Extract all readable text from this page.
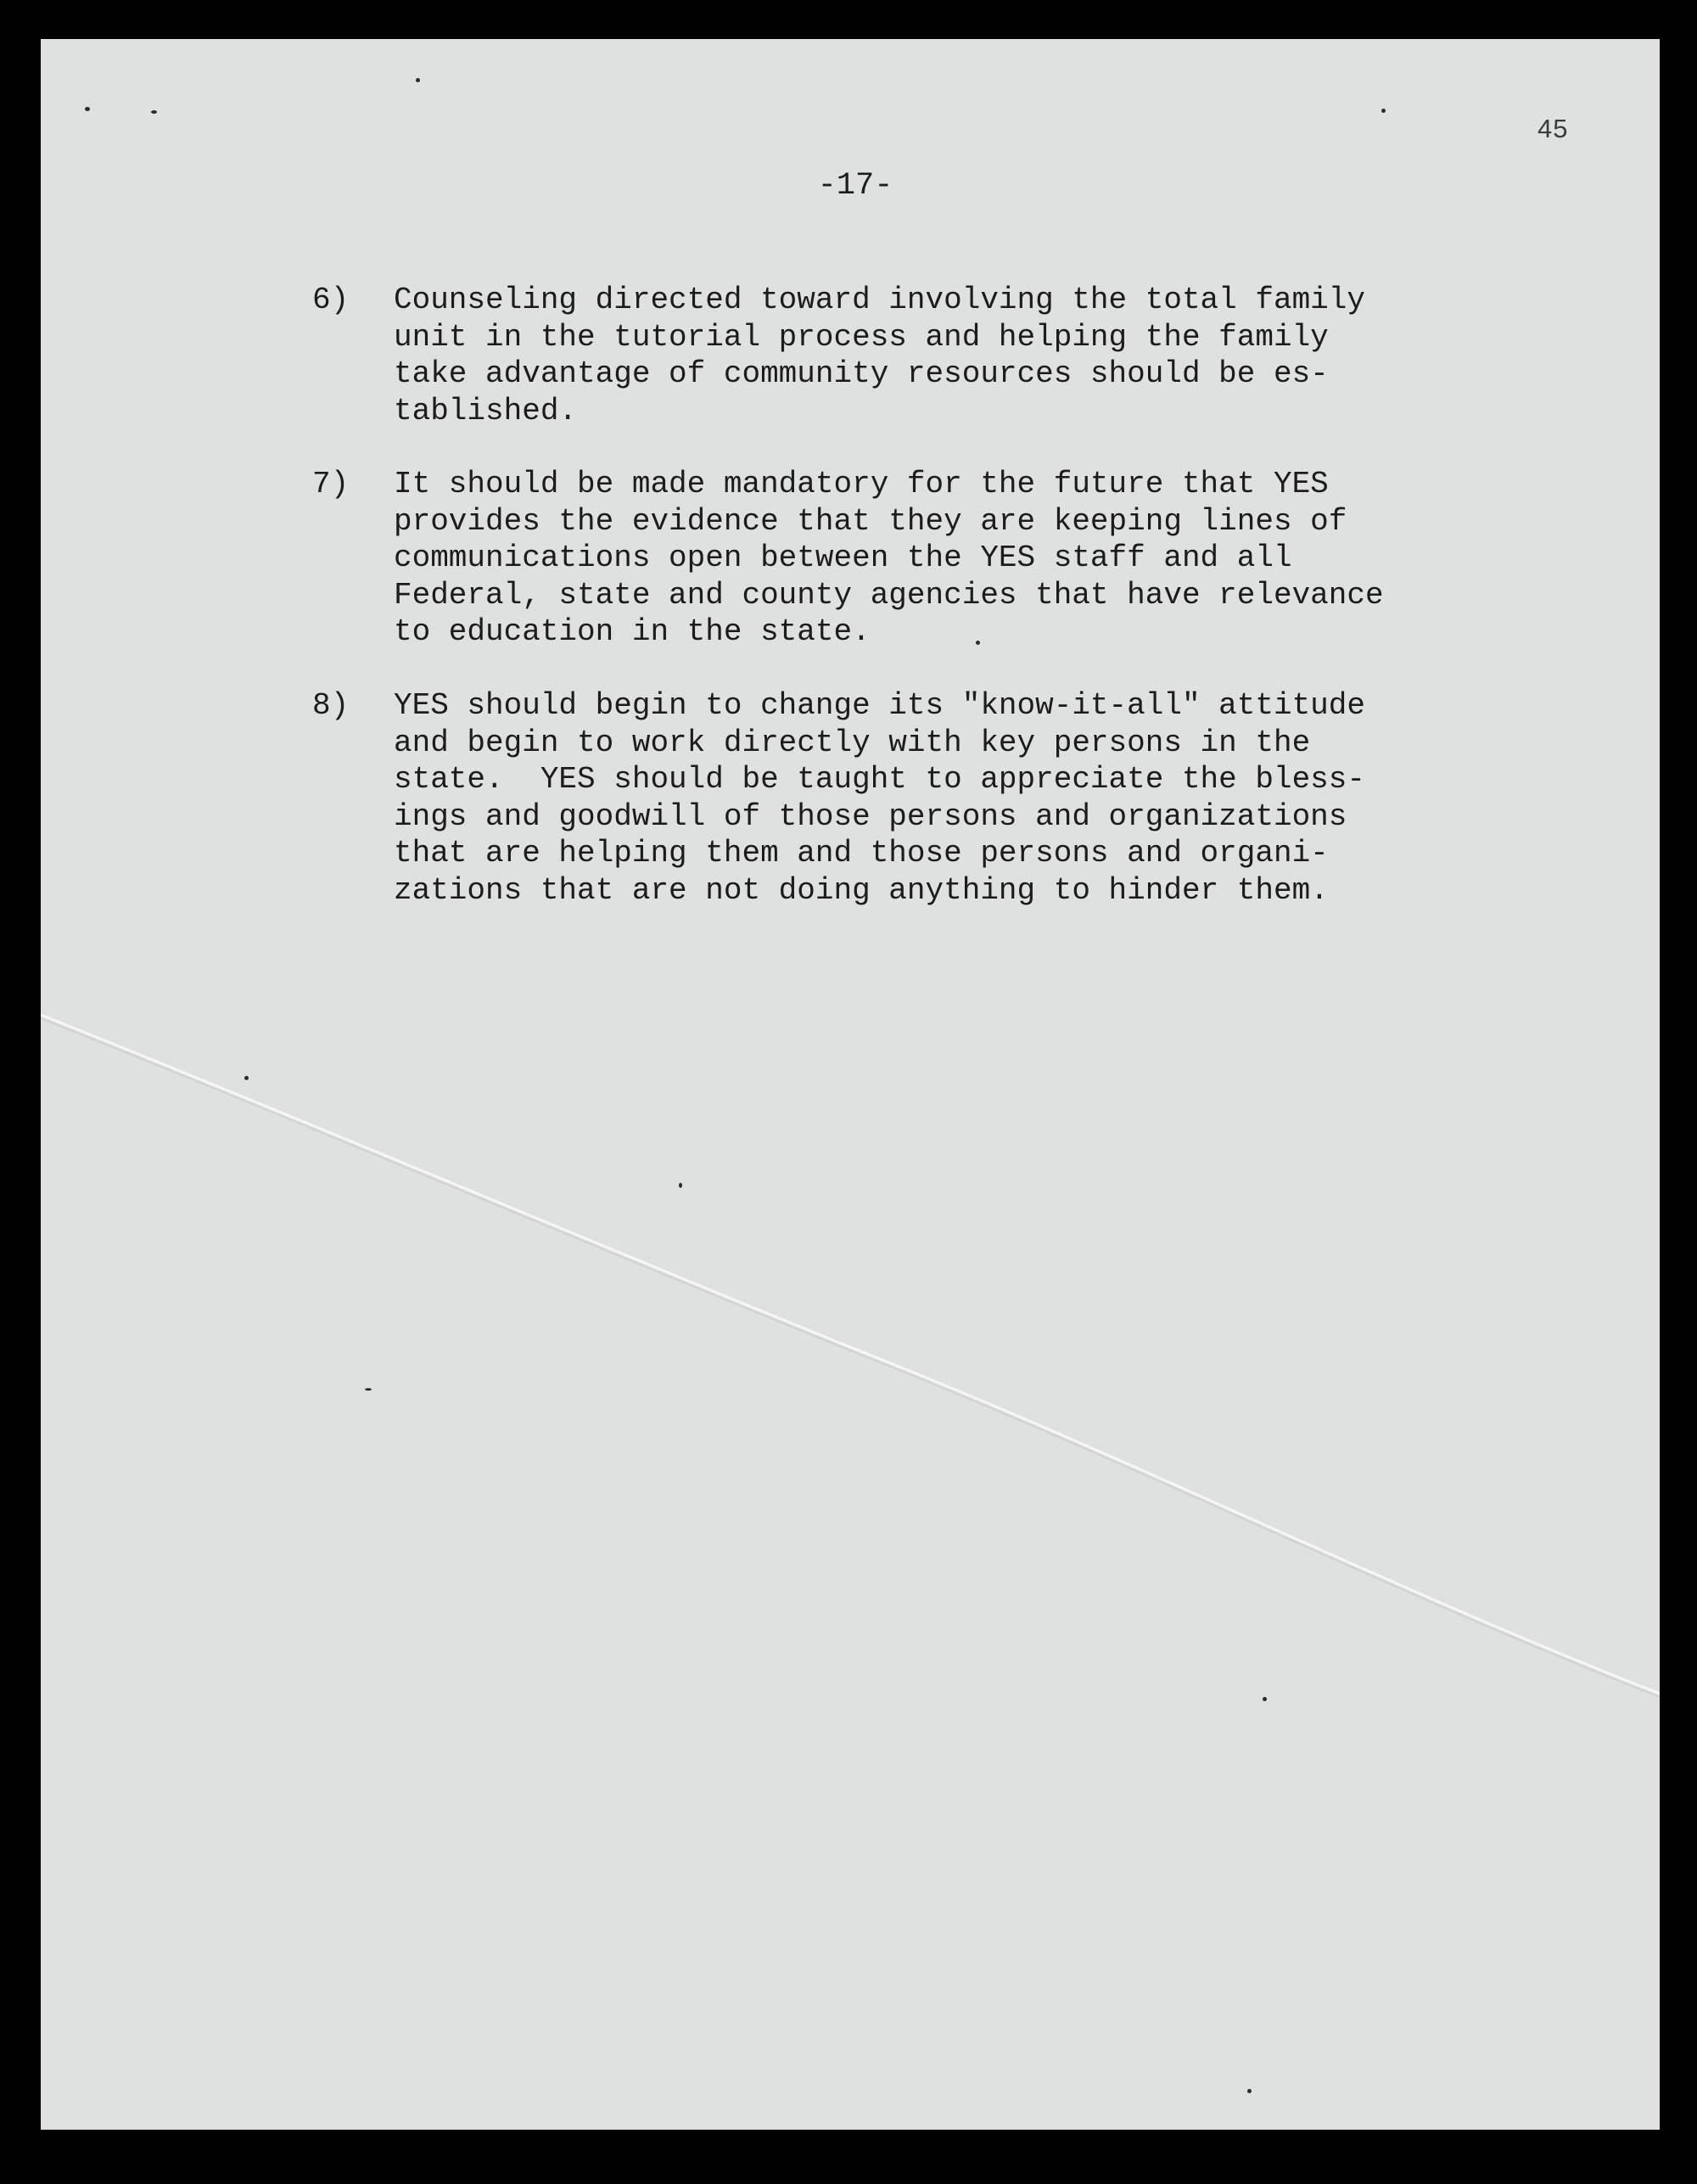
45
-17-
6) Counseling directed toward involving the total family
unit in the tutorial process and helping the family
take advantage of community resources should be es-
tablished.
7) It should be made mandatory for the future that YES
provides the evidence that they are keeping lines of
communications open between the YES staff and all
Federal, state and county agencies that have relevance
to education in the state.
8) YES should begin to change its "know-it-all" attitude
and begin to work directly with key persons in the
state.  YES should be taught to appreciate the bless-
ings and goodwill of those persons and organizations
that are helping them and those persons and organi-
zations that are not doing anything to hinder them.
